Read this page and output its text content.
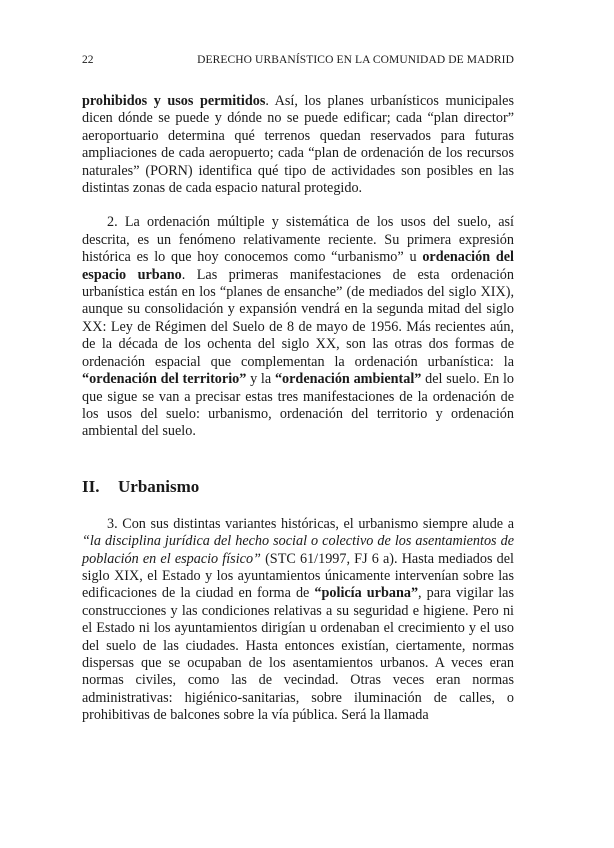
22	DERECHO URBANÍSTICO EN LA COMUNIDAD DE MADRID

prohibidos y usos permitidos. Así, los planes urbanísticos municipales dicen dónde se puede y dónde no se puede edificar; cada “plan director” aeroportuario determina qué terrenos quedan reservados para futuras ampliaciones de cada aeropuerto; cada “plan de ordenación de los recursos naturales” (PORN) identifica qué tipo de actividades son posibles en las distintas zonas de cada espacio natural protegido.

2. La ordenación múltiple y sistemática de los usos del suelo, así descrita, es un fenómeno relativamente reciente. Su primera expresión histórica es lo que hoy conocemos como “urbanismo” u ordenación del espacio urbano. Las primeras manifestaciones de esta ordenación urbanística están en los “planes de ensanche” (de mediados del siglo XIX), aunque su consolidación y expansión vendrá en la segunda mitad del siglo XX: Ley de Régimen del Suelo de 8 de mayo de 1956. Más recientes aún, de la década de los ochenta del siglo XX, son las otras dos formas de ordenación espacial que complementan la ordenación urbanística: la “ordenación del territorio” y la “ordenación ambiental” del suelo. En lo que sigue se van a precisar estas tres manifestaciones de la ordenación de los usos del suelo: urbanismo, ordenación del territorio y ordenación ambiental del suelo.

II. Urbanismo

3. Con sus distintas variantes históricas, el urbanismo siempre alude a “la disciplina jurídica del hecho social o colectivo de los asentamientos de población en el espacio físico” (STC 61/1997, FJ 6 a). Hasta mediados del siglo XIX, el Estado y los ayuntamientos únicamente intervenían sobre las edificaciones de la ciudad en forma de “policía urbana”, para vigilar las construcciones y las condiciones relativas a su seguridad e higiene. Pero ni el Estado ni los ayuntamientos dirigían u ordenaban el crecimiento y el uso del suelo de las ciudades. Hasta entonces existían, ciertamente, normas dispersas que se ocupaban de los asentamientos urbanos. A veces eran normas civiles, como las de vecindad. Otras veces eran normas administrativas: higiénico-sanitarias, sobre iluminación de calles, o prohibitivas de balcones sobre la vía pública. Será la llamada
